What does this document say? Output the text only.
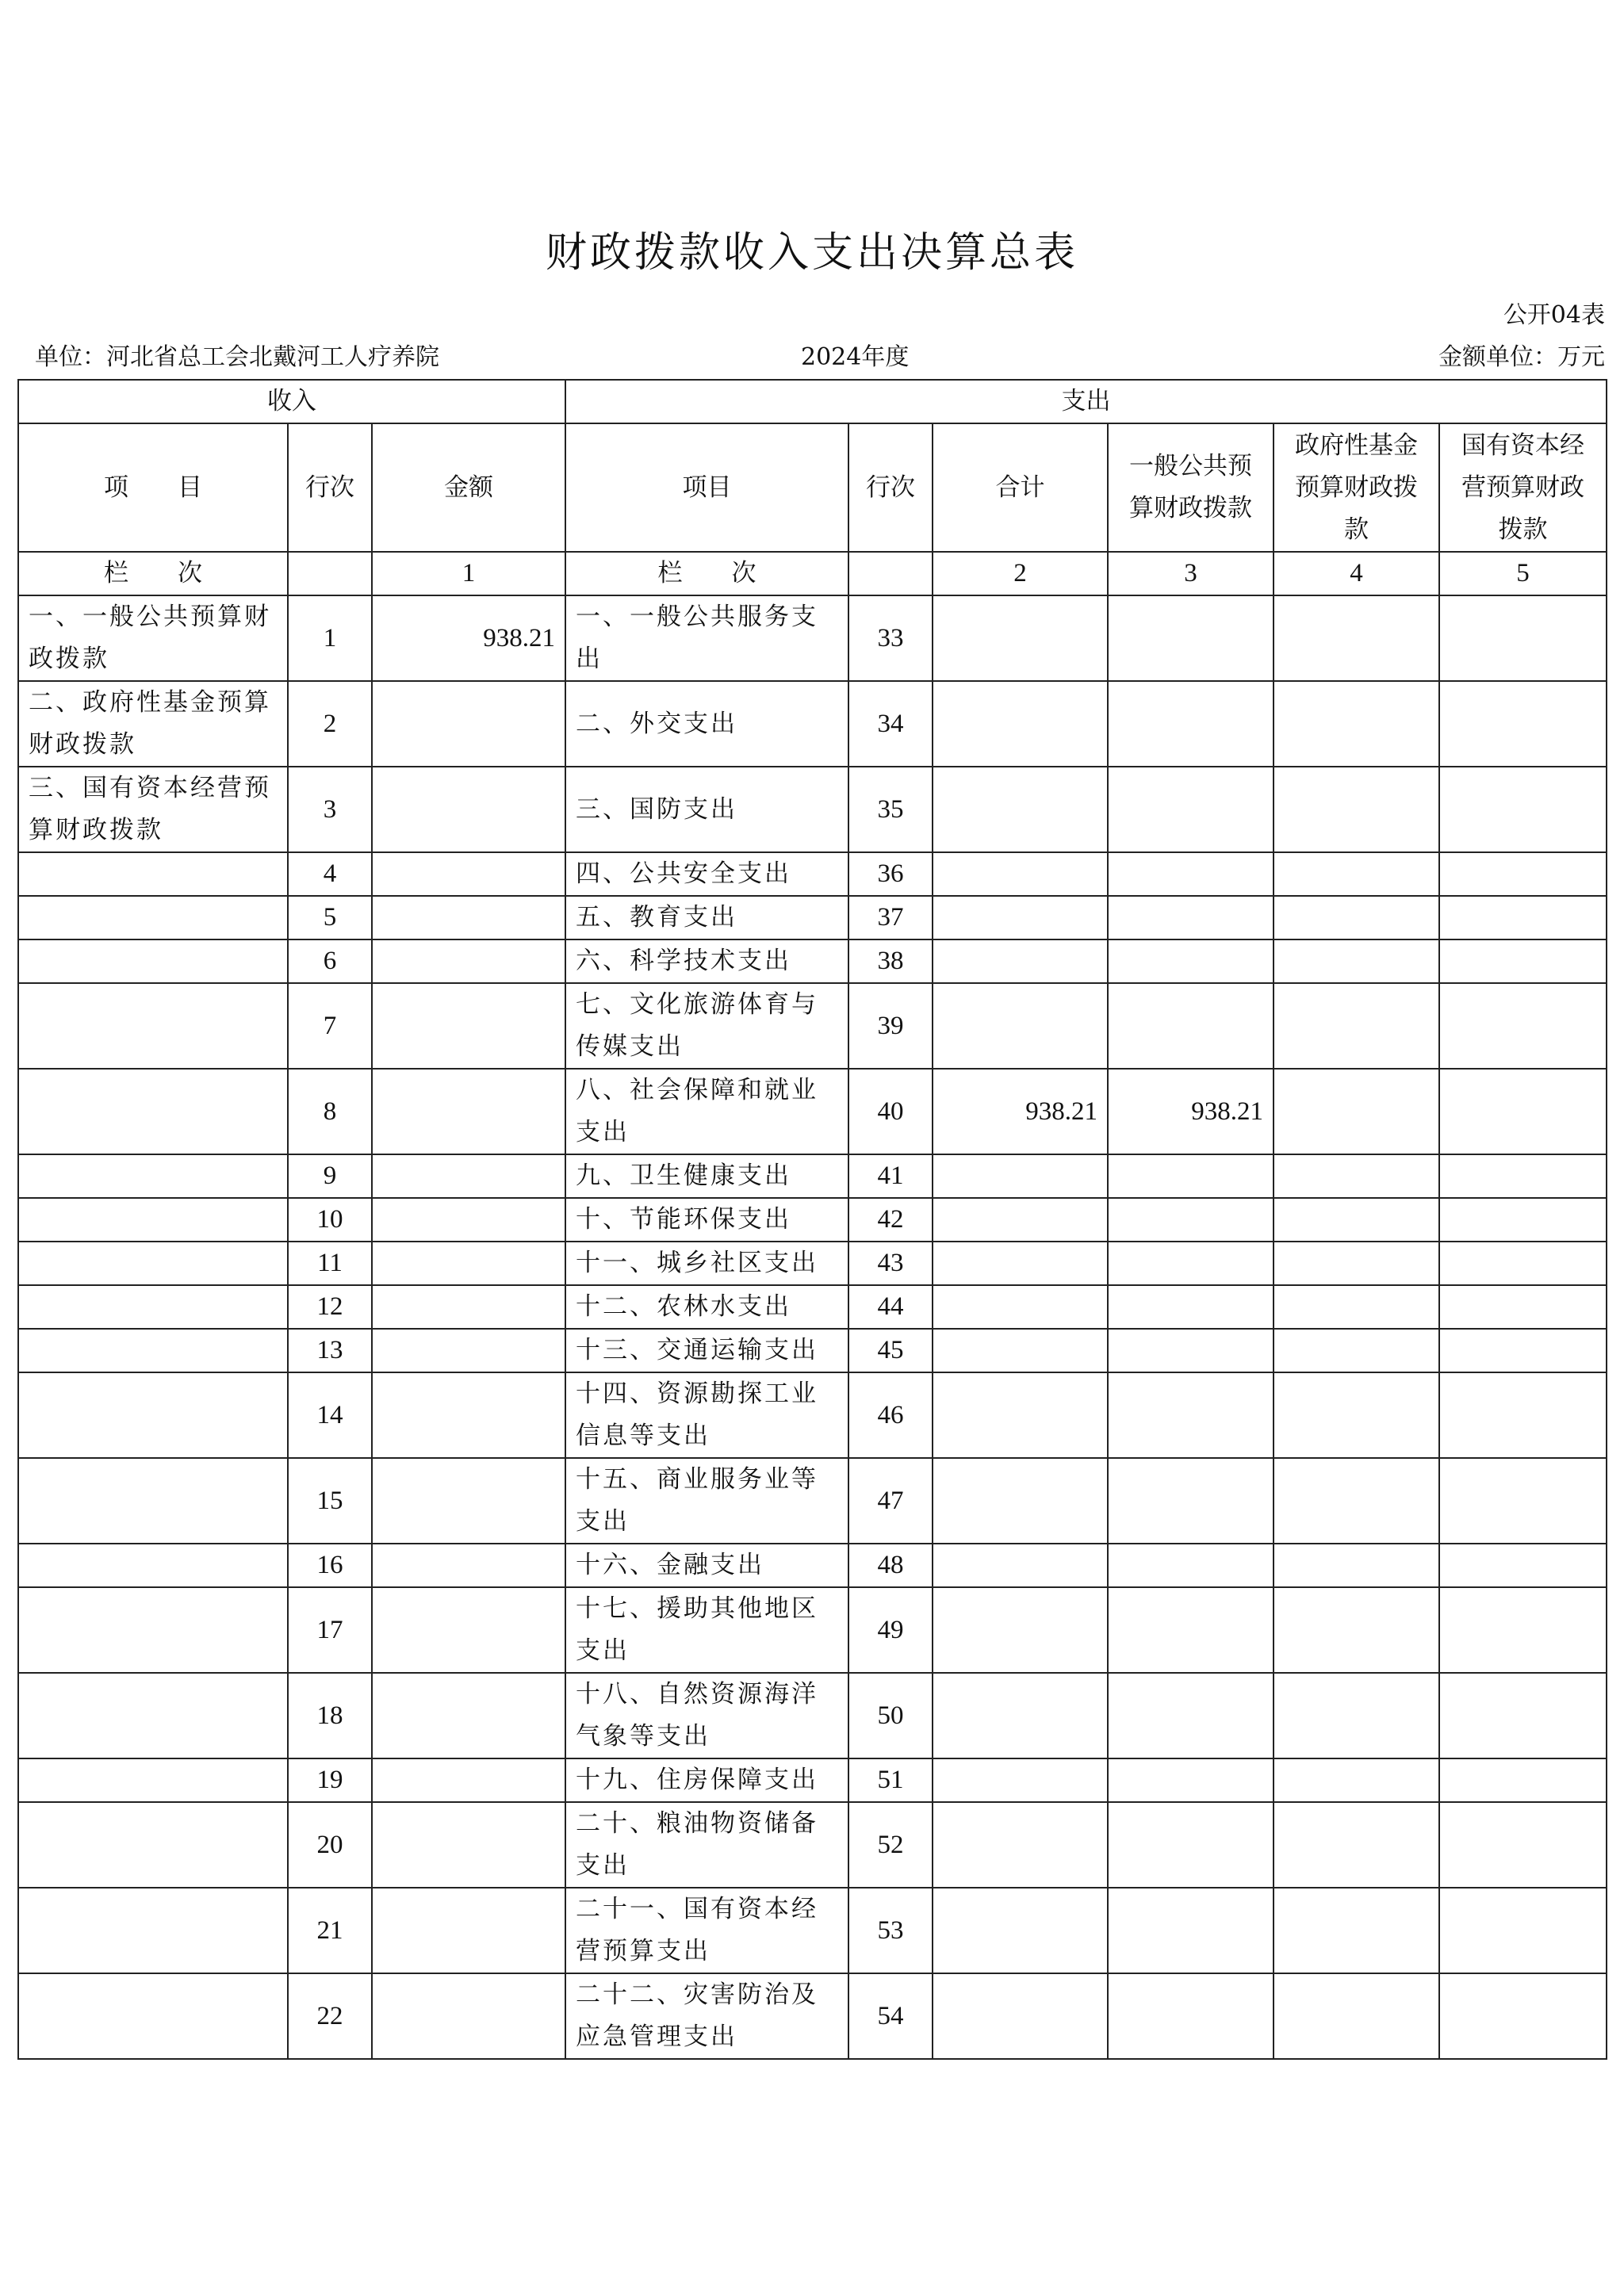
财政拨款收入支出决算总表
公开04表
单位：河北省总工会北戴河工人疗养院	2024年度	金额单位：万元
收入			支出					
项　　目	行次	金额	项目	行次	合计	一般公共预算财政拨款	政府性基金预算财政拨款	国有资本经营预算财政拨款
栏　　次		1	栏　　次		2	3	4	5
一、一般公共预算财政拨款	1	938.21	一、一般公共服务支出	33				
二、政府性基金预算财政拨款	2		二、外交支出	34				
三、国有资本经营预算财政拨款	3		三、国防支出	35				
	4		四、公共安全支出	36				
	5		五、教育支出	37				
	6		六、科学技术支出	38				
	7		七、文化旅游体育与传媒支出	39				
	8		八、社会保障和就业支出	40	938.21	938.21		
	9		九、卫生健康支出	41				
	10		十、节能环保支出	42				
	11		十一、城乡社区支出	43				
	12		十二、农林水支出	44				
	13		十三、交通运输支出	45				
	14		十四、资源勘探工业信息等支出	46				
	15		十五、商业服务业等支出	47				
	16		十六、金融支出	48				
	17		十七、援助其他地区支出	49				
	18		十八、自然资源海洋气象等支出	50				
	19		十九、住房保障支出	51				
	20		二十、粮油物资储备支出	52				
	21		二十一、国有资本经营预算支出	53				
	22		二十二、灾害防治及应急管理支出	54				
